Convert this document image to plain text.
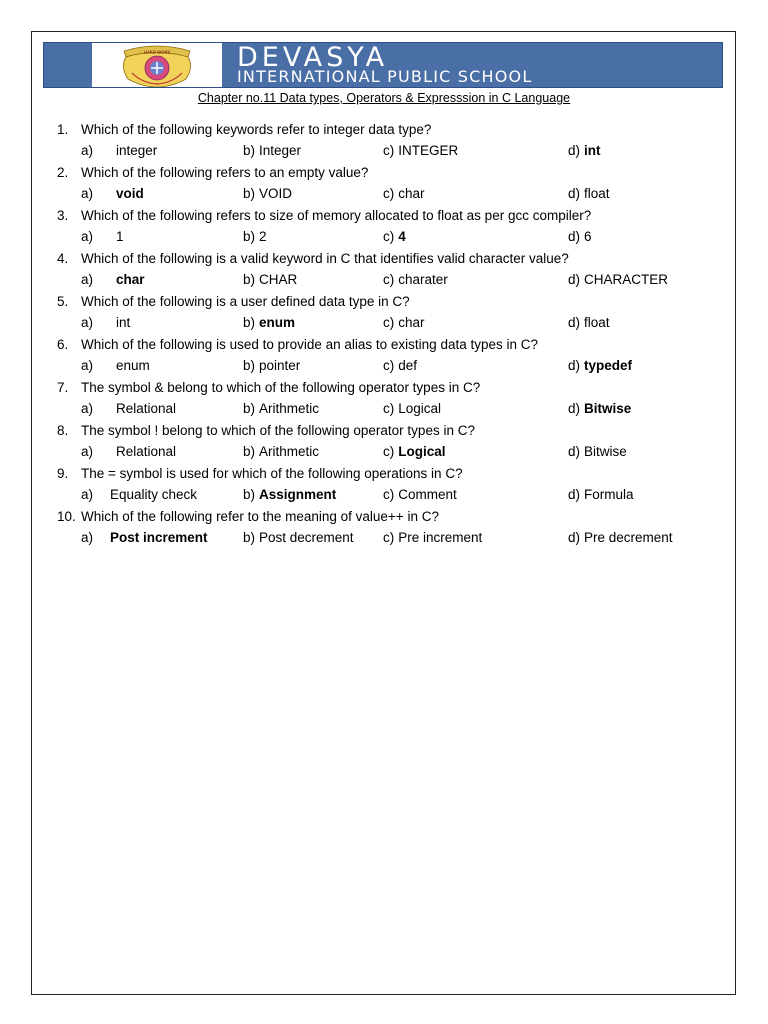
HARD WORK DEVASYA
INTERNATIONAL PUBLIC SCHOOL
Chapter no.11 Data types, Operators & Expresssion in C Language
1. Which of the following keywords refer to integer data type?
a) integer	b) Integer	c) INTEGER	d) int
2. Which of the following refers to an empty value?
a) void	b) VOID	c) char	d) float
3. Which of the following refers to size of memory allocated to float as per gcc compiler?
a) 1	b) 2	c) 4	d) 6
4. Which of the following is a valid keyword in C that identifies valid character value?
a) char	b) CHAR	c) charater	d) CHARACTER
5. Which of the following is a user defined data type in C?
a) int	b) enum	c) char	d) float
6. Which of the following is used to provide an alias to existing data types in C?
a) enum	b) pointer	c) def	d) typedef
7. The symbol & belong to which of the following operator types in C?
a) Relational	b) Arithmetic	c) Logical	d) Bitwise
8. The symbol ! belong to which of the following operator types in C?
a) Relational	b) Arithmetic	c) Logical	d) Bitwise
9. The = symbol is used for which of the following operations in C?
a) Equality check	b) Assignment	c) Comment	d) Formula
10. Which of the following refer to the meaning of value++ in C?
a) Post increment	b) Post decrement c) Pre increment	d) Pre decrement
